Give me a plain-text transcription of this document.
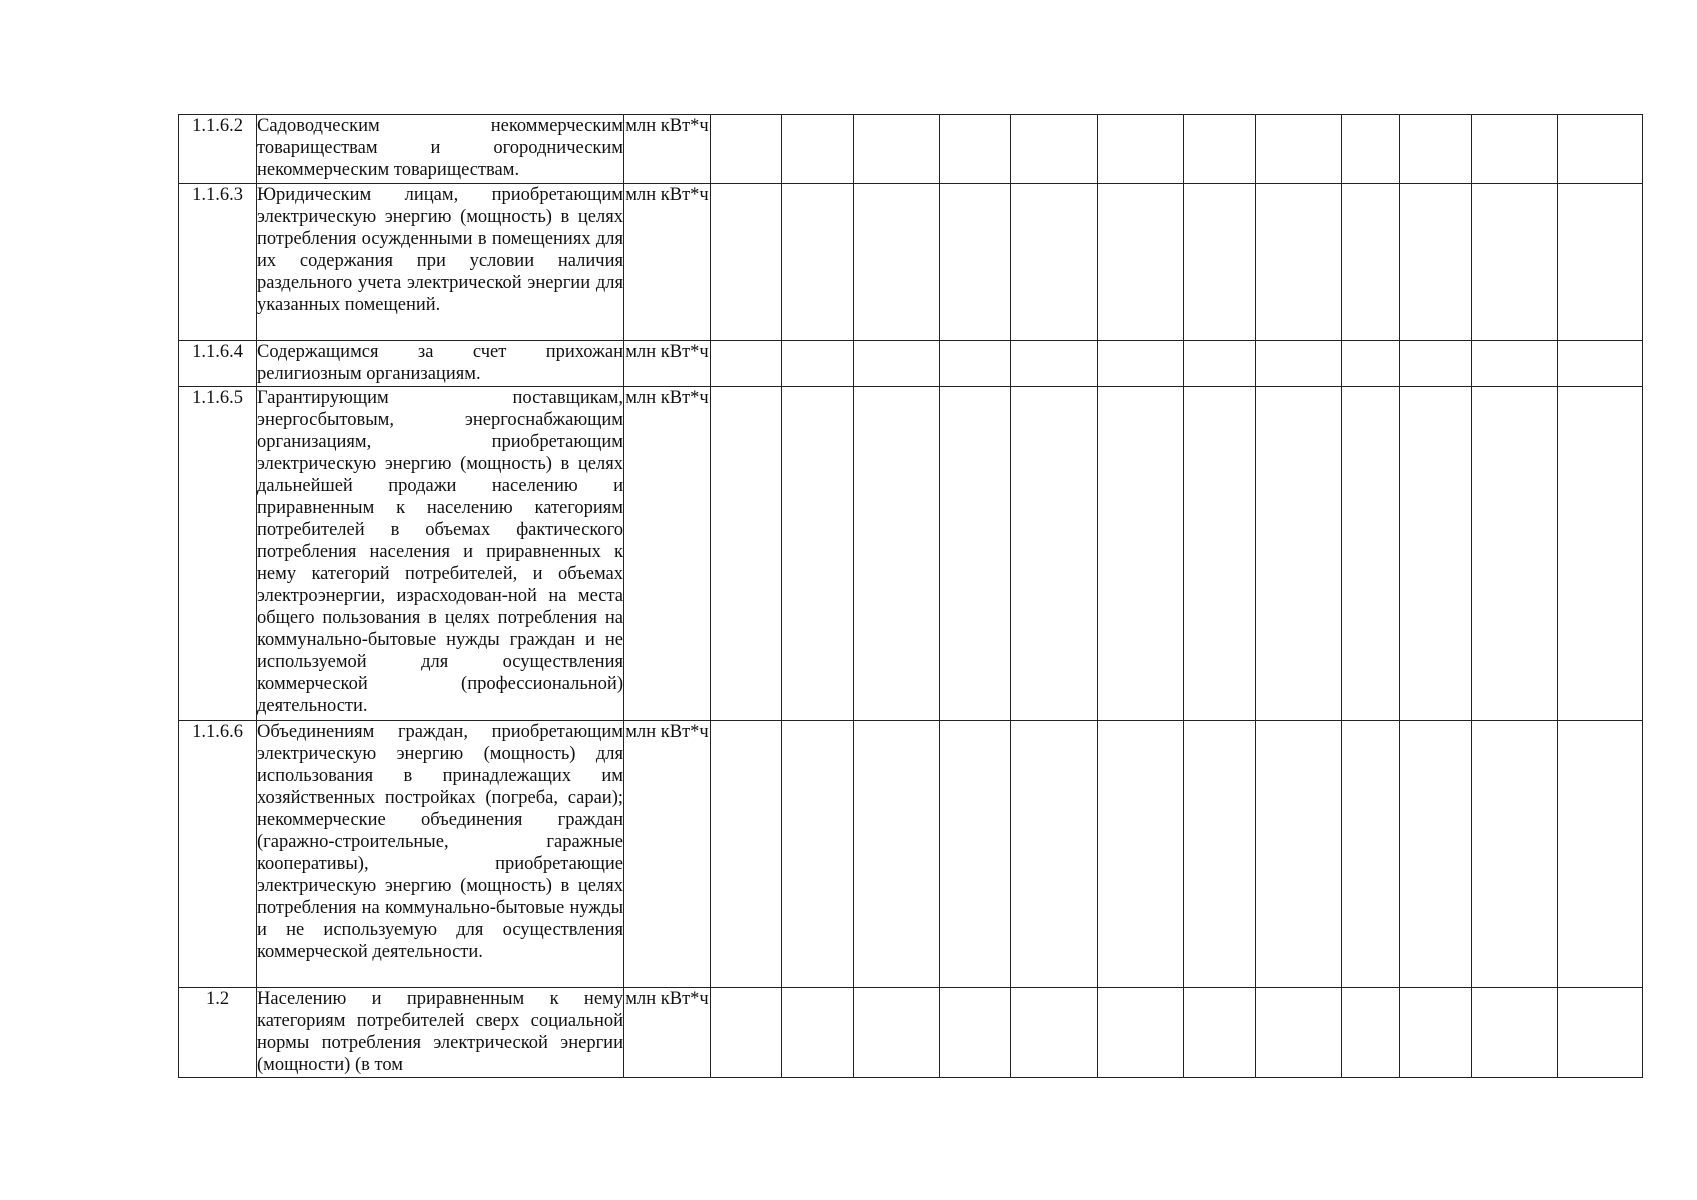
1.1.6.2	Садоводческим некоммерческим товариществам и огородническим некоммерческим товариществам.	млн кВт*ч												
1.1.6.3	Юридическим лицам, приобретающим электрическую энергию (мощность) в целях потребления осужденными в помещениях для их содержания при условии наличия раздельного учета электрической энергии для указанных помещений.	млн кВт*ч												
1.1.6.4	Содержащимся за счет прихожан религиозным организациям.	млн кВт*ч												
1.1.6.5	Гарантирующим поставщикам, энергосбытовым, энергоснабжающим организациям, приобретающим электрическую энергию (мощность) в целях дальнейшей продажи населению и приравненным к населению категориям потребителей в объемах фактического потребления населения и приравненных к нему категорий потребителей, и объемах электроэнергии, израсходован-ной на места общего пользования в целях потребления на коммунально-бытовые нужды граждан и не используемой для осуществления коммерческой (профессиональной) деятельности.	млн кВт*ч												
1.1.6.6	Объединениям граждан, приобретающим электрическую энергию (мощность) для использования в принадлежащих им хозяйственных постройках (погреба, сараи); некоммерческие объединения граждан (гаражно-строительные, гаражные кооперативы), приобретающие электрическую энергию (мощность) в целях потребления на коммунально-бытовые нужды и не используемую для осуществления коммерческой деятельности.	млн кВт*ч												
1.2	Населению и приравненным к нему категориям потребителей сверх социальной нормы потребления электрической энергии (мощности) (в том	млн кВт*ч												
